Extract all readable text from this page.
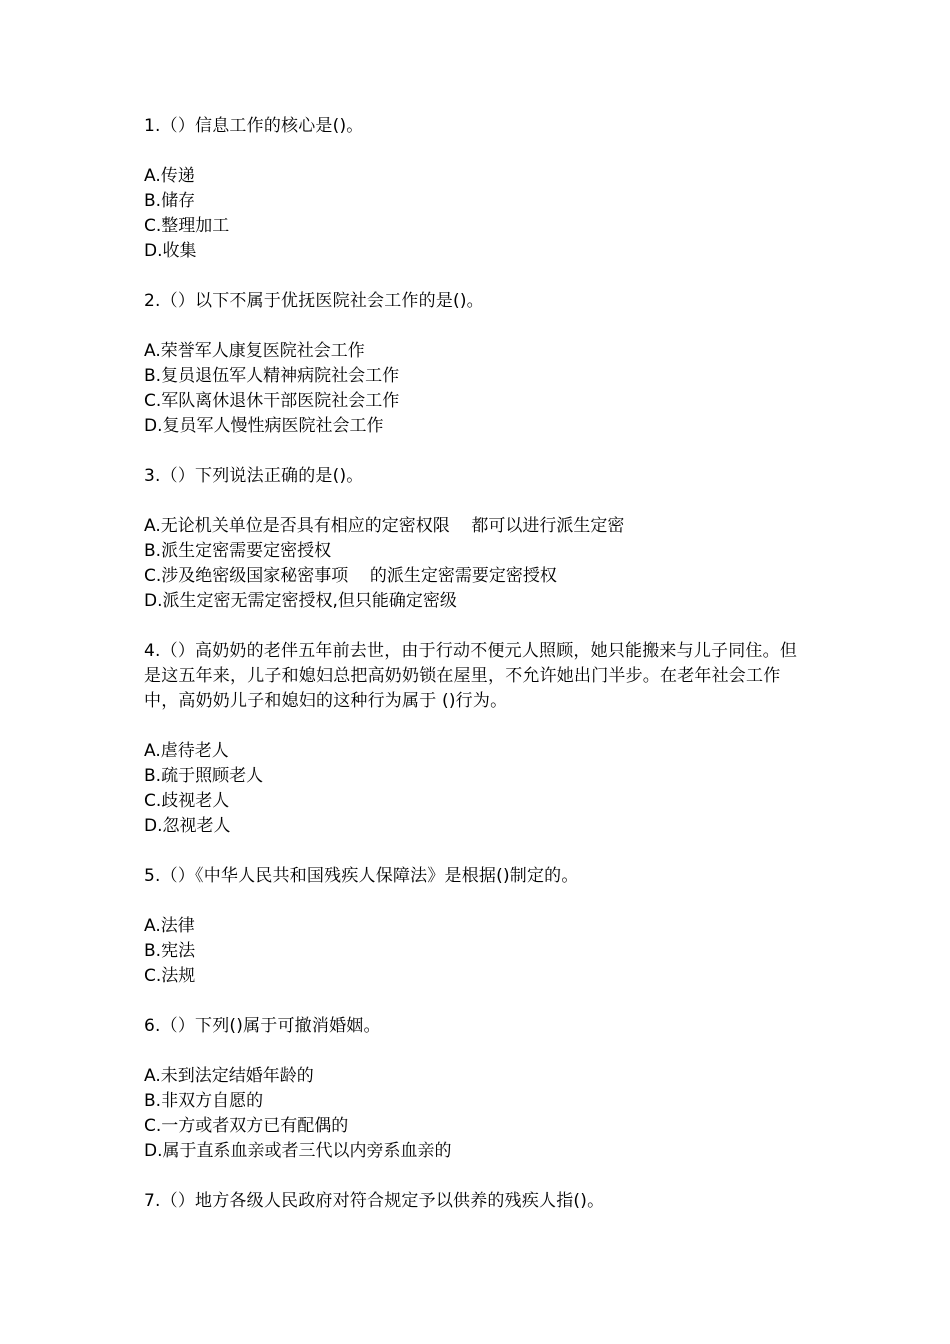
1.（）信息工作的核心是()。

A.传递
B.储存
C.整理加工
D.收集

2.（）以下不属于优抚医院社会工作的是()。

A.荣誉军人康复医院社会工作
B.复员退伍军人精神病院社会工作
C.军队离休退休干部医院社会工作
D.复员军人慢性病医院社会工作

3.（）下列说法正确的是()。

A.无论机关单位是否具有相应的定密权限    都可以进行派生定密
B.派生定密需要定密授权
C.涉及绝密级国家秘密事项    的派生定密需要定密授权
D.派生定密无需定密授权,但只能确定密级

4.（）高奶奶的老伴五年前去世，由于行动不便元人照顾，她只能搬来与儿子同住。但是这五年来，儿子和媳妇总把高奶奶锁在屋里，不允许她出门半步。在老年社会工作中，高奶奶儿子和媳妇的这种行为属于 ()行为。

A.虐待老人
B.疏于照顾老人
C.歧视老人
D.忽视老人

5.（）《中华人民共和国残疾人保障法》是根据()制定的。

A.法律
B.宪法
C.法规

6.（）下列()属于可撤消婚姻。

A.未到法定结婚年龄的
B.非双方自愿的
C.一方或者双方已有配偶的
D.属于直系血亲或者三代以内旁系血亲的

7.（）地方各级人民政府对符合规定予以供养的残疾人指()。
